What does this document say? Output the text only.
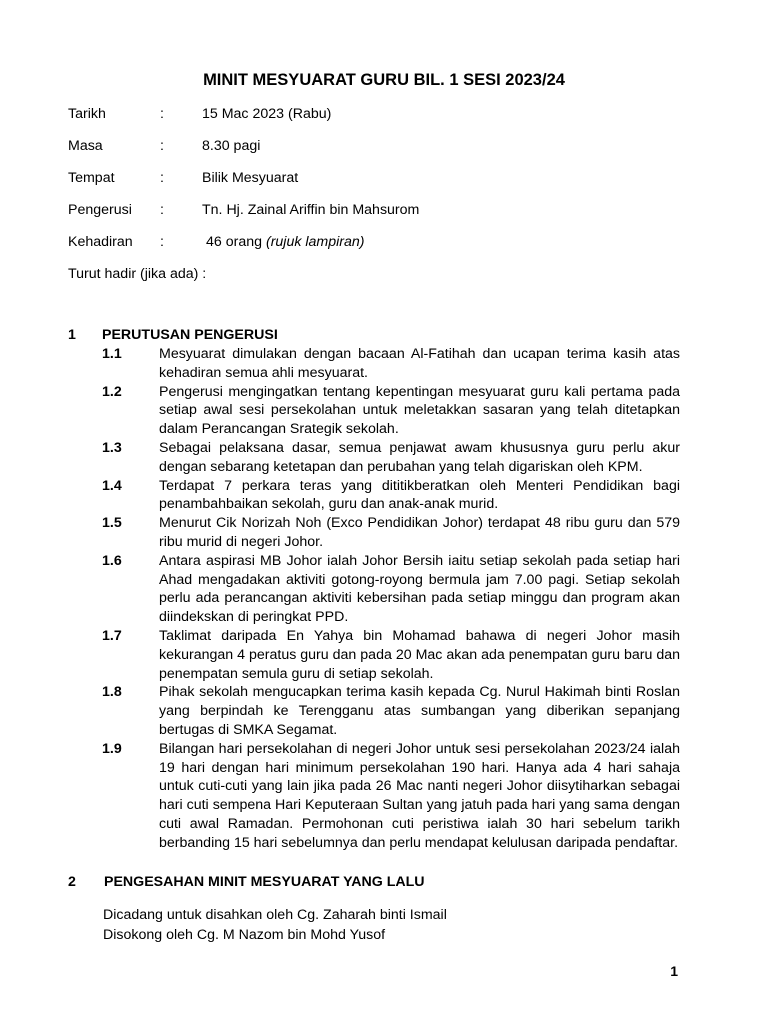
MINIT MESYUARAT GURU BIL. 1 SESI 2023/24
Tarikh	:	15 Mac 2023 (Rabu)
Masa	:	8.30 pagi
Tempat	:	Bilik Mesyuarat
Pengerusi :	Tn. Hj. Zainal Ariffin bin Mahsurom
Kehadiran :	46 orang (rujuk lampiran)
Turut hadir (jika ada) :
1 PERUTUSAN PENGERUSI
1.1	Mesyuarat dimulakan dengan bacaan Al-Fatihah dan ucapan terima kasih atas kehadiran semua ahli mesyuarat.
1.2	Pengerusi mengingatkan tentang kepentingan mesyuarat guru kali pertama pada setiap awal sesi persekolahan untuk meletakkan sasaran yang telah ditetapkan dalam Perancangan Srategik sekolah.
1.3	Sebagai pelaksana dasar, semua penjawat awam khususnya guru perlu akur dengan sebarang ketetapan dan perubahan yang telah digariskan oleh KPM.
1.4	Terdapat 7 perkara teras yang dititikberatkan oleh Menteri Pendidikan bagi penambahbaikan sekolah, guru dan anak-anak murid.
1.5	Menurut Cik Norizah Noh (Exco Pendidikan Johor) terdapat 48 ribu guru dan 579 ribu murid di negeri Johor.
1.6	Antara aspirasi MB Johor ialah Johor Bersih iaitu setiap sekolah pada setiap hari Ahad mengadakan aktiviti gotong-royong bermula jam 7.00 pagi. Setiap sekolah perlu ada perancangan aktiviti kebersihan pada setiap minggu dan program akan diindekskan di peringkat PPD.
1.7	Taklimat daripada En Yahya bin Mohamad bahawa di negeri Johor masih kekurangan 4 peratus guru dan pada 20 Mac akan ada penempatan guru baru dan penempatan semula guru di setiap sekolah.
1.8	Pihak sekolah mengucapkan terima kasih kepada Cg. Nurul Hakimah binti Roslan yang berpindah ke Terengganu atas sumbangan yang diberikan sepanjang bertugas di SMKA Segamat.
1.9	Bilangan hari persekolahan di negeri Johor untuk sesi persekolahan 2023/24 ialah 19 hari dengan hari minimum persekolahan 190 hari. Hanya ada 4 hari sahaja untuk cuti-cuti yang lain jika pada 26 Mac nanti negeri Johor diisytiharkan sebagai hari cuti sempena Hari Keputeraan Sultan yang jatuh pada hari yang sama dengan cuti awal Ramadan. Permohonan cuti peristiwa ialah 30 hari sebelum tarikh berbanding 15 hari sebelumnya dan perlu mendapat kelulusan daripada pendaftar.
2 PENGESAHAN MINIT MESYUARAT YANG LALU
Dicadang untuk disahkan oleh Cg. Zaharah binti Ismail
Disokong oleh Cg. M Nazom bin Mohd Yusof
1
